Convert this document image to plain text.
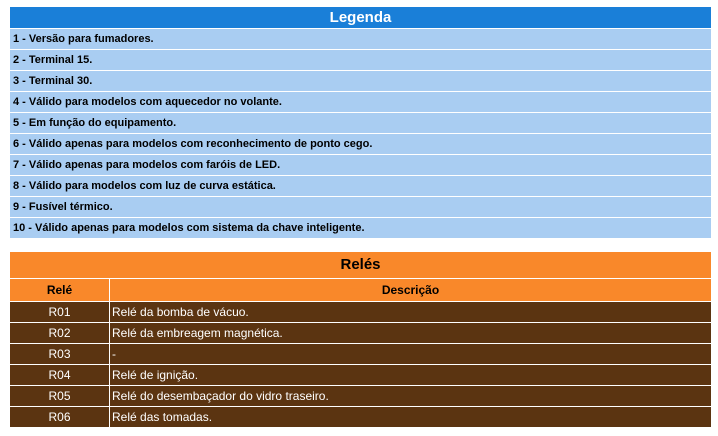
Legenda
1 - Versão para fumadores.
2 - Terminal 15.
3 - Terminal 30.
4 - Válido para modelos com aquecedor no volante.
5 - Em função do equipamento.
6 - Válido apenas para modelos com reconhecimento de ponto cego.
7 - Válido apenas para modelos com faróis de LED.
8 - Válido para modelos com luz de curva estática.
9 - Fusível térmico.
10 - Válido apenas para modelos com sistema da chave inteligente.
Relés
Relé	Descrição
R01	Relé da bomba de vácuo.
R02	Relé da embreagem magnética.
R03	-
R04	Relé de ignição.
R05	Relé do desembaçador do vidro traseiro.
R06	Relé das tomadas.
